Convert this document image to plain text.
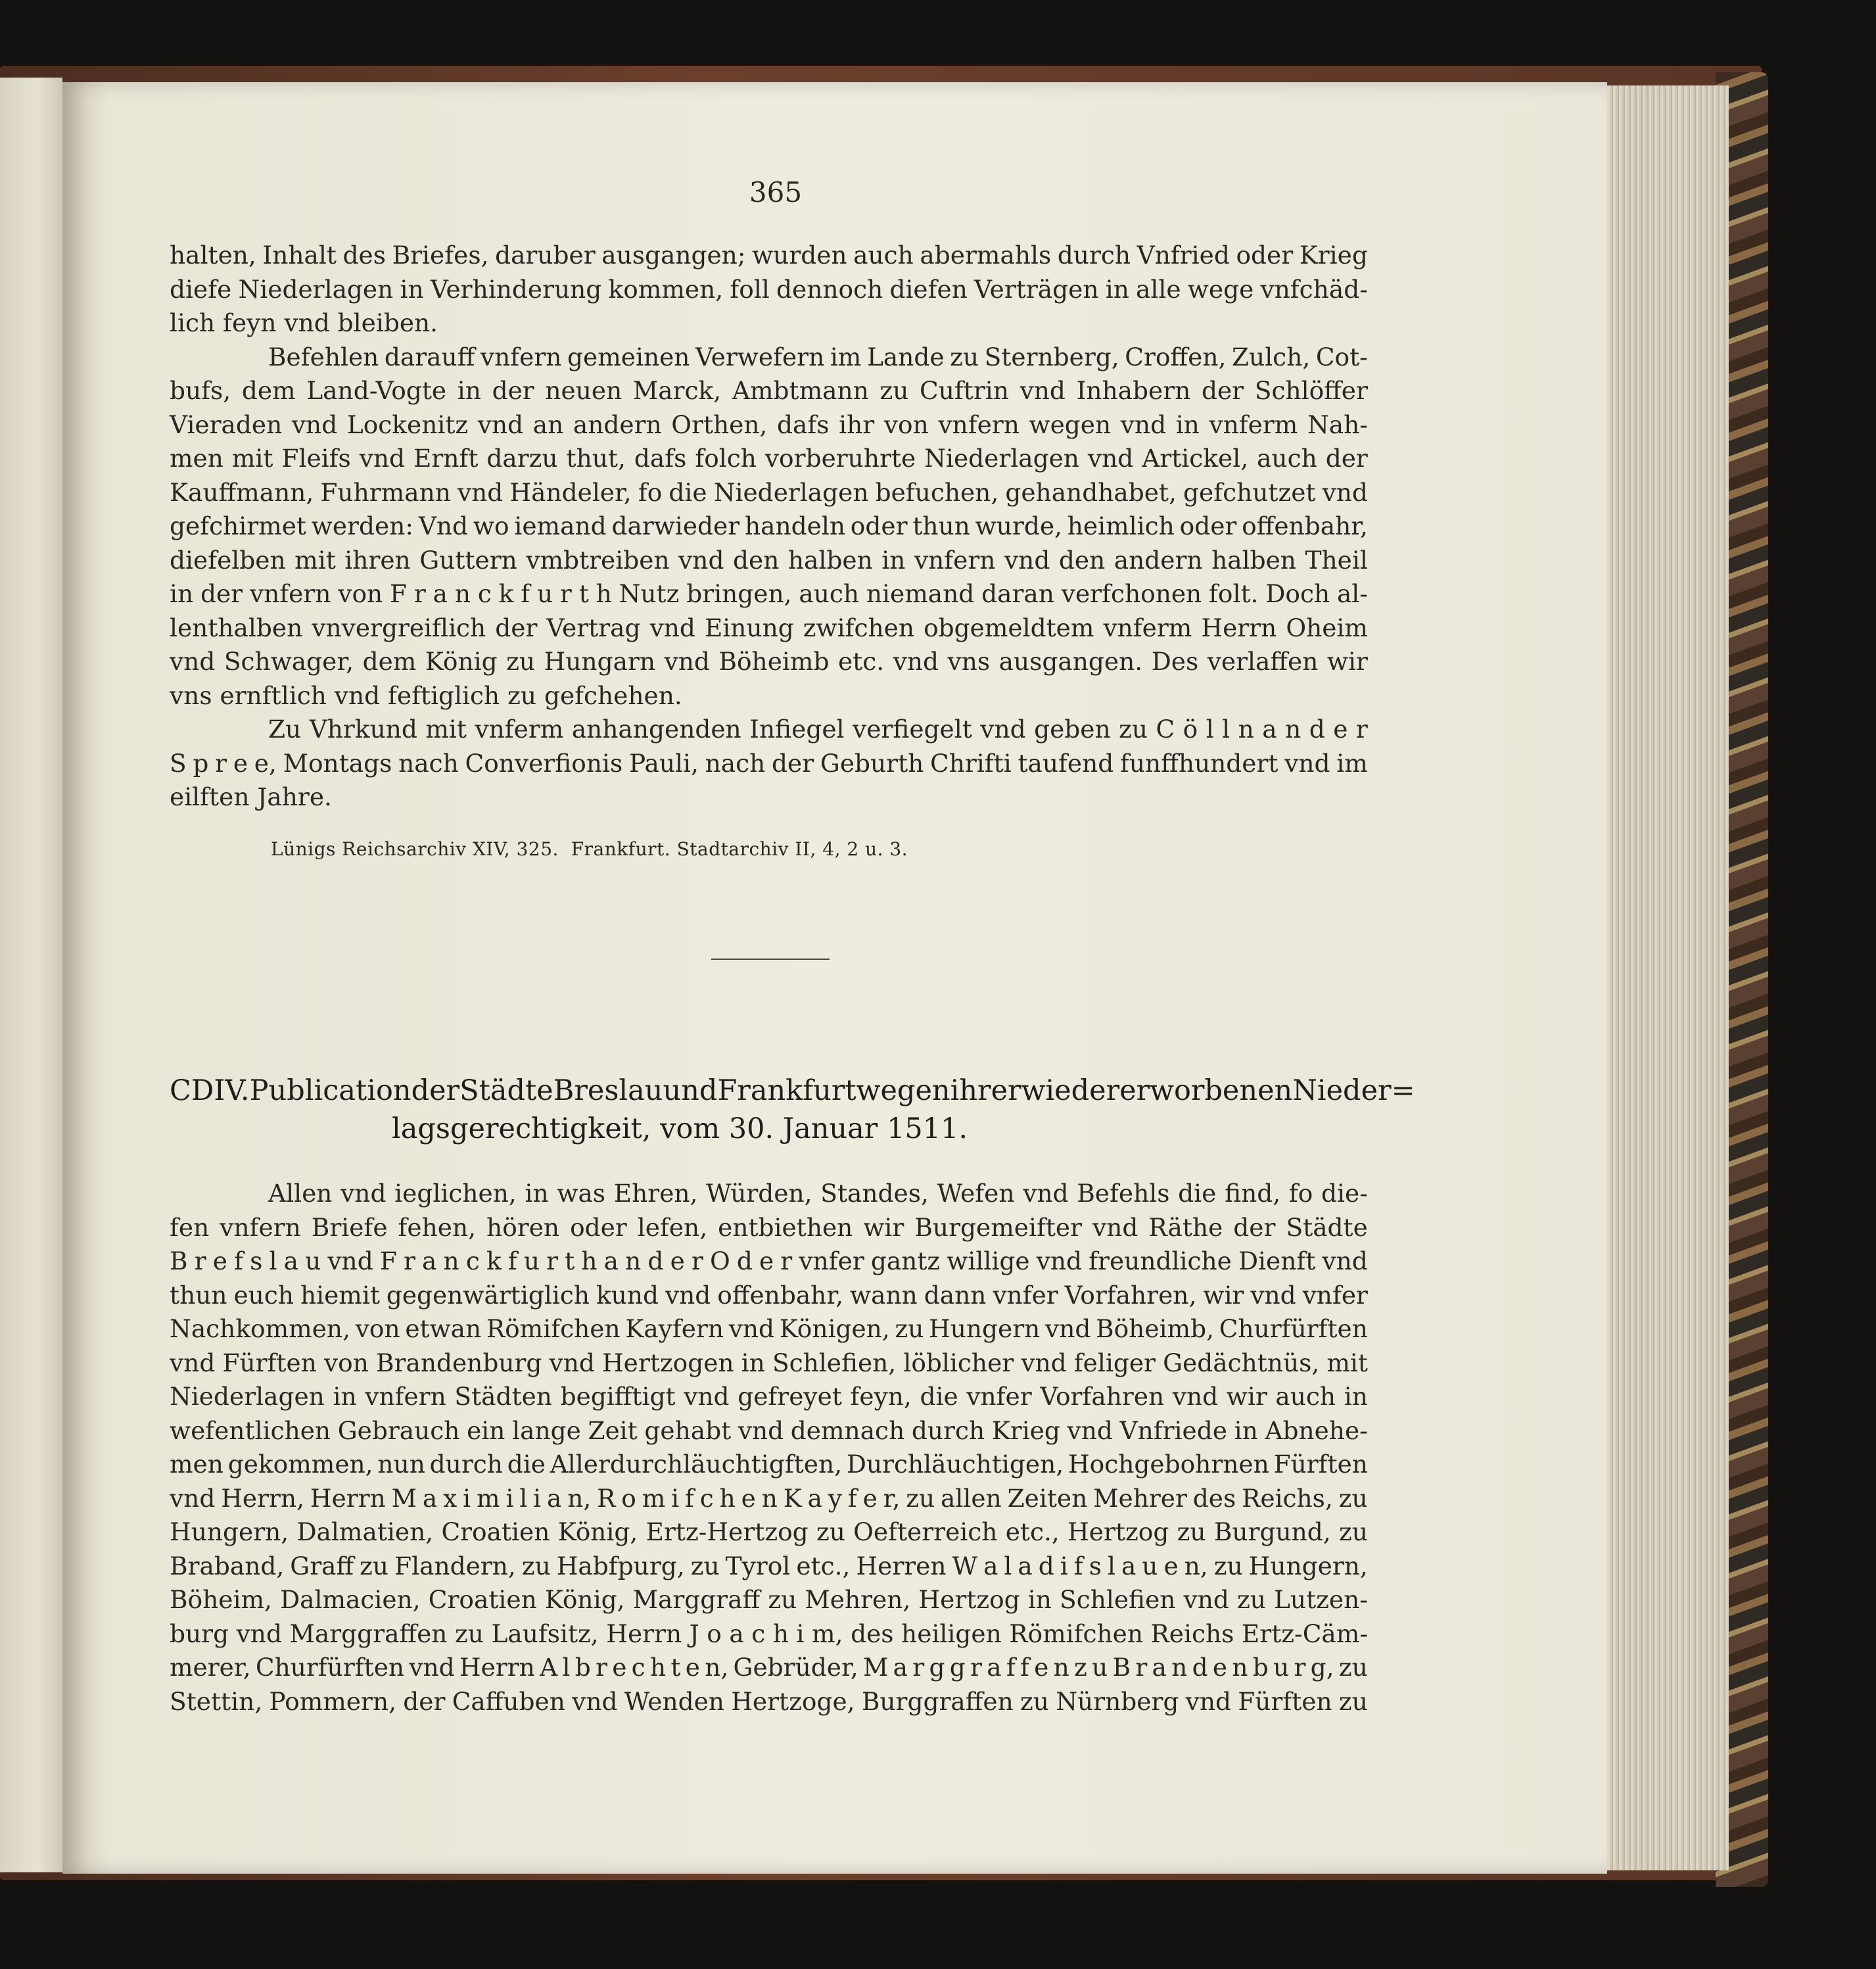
365
halten, Inhalt des Briefes, daruber ausgangen; wurden auch abermahls durch Vnfried oder Krieg
diefe Niederlagen in Verhinderung kommen, foll dennoch diefen Verträgen in alle wege vnfchäd-
lich feyn vnd bleiben.
Befehlen darauff vnfern gemeinen Verwefern im Lande zu Sternberg, Croffen, Zulch, Cot-
bufs, dem Land-Vogte in der neuen Marck, Ambtmann zu Cuftrin vnd Inhabern der Schlöffer
Vieraden vnd Lockenitz vnd an andern Orthen, dafs ihr von vnfern wegen vnd in vnferm Nah-
men mit Fleifs vnd Ernft darzu thut, dafs folch vorberuhrte Niederlagen vnd Artickel, auch der
Kauffmann, Fuhrmann vnd Händeler, fo die Niederlagen befuchen, gehandhabet, gefchutzet vnd
gefchirmet werden: Vnd wo iemand darwieder handeln oder thun wurde, heimlich oder offenbahr,
diefelben mit ihren Guttern vmbtreiben vnd den halben in vnfern vnd den andern halben Theil
in der vnfern von F r a n c k f u r t h Nutz bringen, auch niemand daran verfchonen folt. Doch al-
lenthalben vnvergreiflich der Vertrag vnd Einung zwifchen obgemeldtem vnferm Herrn Oheim
vnd Schwager, dem König zu Hungarn vnd Böheimb etc. vnd vns ausgangen. Des verlaffen wir
vns ernftlich vnd feftiglich zu gefchehen.
Zu Vhrkund mit vnferm anhangenden Infiegel verfiegelt vnd geben zu C ö l l n a n d e r
S p r e e, Montags nach Converfionis Pauli, nach der Geburth Chrifti taufend funffhundert vnd im
eilften Jahre.
Lünigs Reichsarchiv XIV, 325.  Frankfurt. Stadtarchiv II, 4, 2 u. 3.
CDIV. Publication der Städte Breslau und Frankfurt wegen ihrer wiedererworbenen Nieder=
lagsgerechtigkeit, vom 30. Januar 1511.
Allen vnd ieglichen, in was Ehren, Würden, Standes, Wefen vnd Befehls die find, fo die-
fen vnfern Briefe fehen, hören oder lefen, entbiethen wir Burgemeifter vnd Räthe der Städte
B r e f s l a u vnd F r a n c k f u r t h a n d e r O d e r vnfer gantz willige vnd freundliche Dienft vnd
thun euch hiemit gegenwärtiglich kund vnd offenbahr, wann dann vnfer Vorfahren, wir vnd vnfer
Nachkommen, von etwan Römifchen Kayfern vnd Königen, zu Hungern vnd Böheimb, Churfürften
vnd Fürften von Brandenburg vnd Hertzogen in Schlefien, löblicher vnd feliger Gedächtnüs, mit
Niederlagen in vnfern Städten begifftigt vnd gefreyet feyn, die vnfer Vorfahren vnd wir auch in
wefentlichen Gebrauch ein lange Zeit gehabt vnd demnach durch Krieg vnd Vnfriede in Abnehe-
men gekommen, nun durch die Allerdurchläuchtigften, Durchläuchtigen, Hochgebohrnen Fürften
vnd Herrn, Herrn M a x i m i l i a n, R o m i f c h e n K a y f e r, zu allen Zeiten Mehrer des Reichs, zu
Hungern, Dalmatien, Croatien König, Ertz-Hertzog zu Oefterreich etc., Hertzog zu Burgund, zu
Braband, Graff zu Flandern, zu Habfpurg, zu Tyrol etc., Herren W a l a d i f s l a u e n, zu Hungern,
Böheim, Dalmacien, Croatien König, Marggraff zu Mehren, Hertzog in Schlefien vnd zu Lutzen-
burg vnd Marggraffen zu Laufsitz, Herrn J o a c h i m, des heiligen Römifchen Reichs Ertz-Cäm-
merer, Churfürften vnd Herrn A l b r e c h t e n, Gebrüder, M a r g g r a f f e n z u B r a n d e n b u r g, zu
Stettin, Pommern, der Caffuben vnd Wenden Hertzoge, Burggraffen zu Nürnberg vnd Fürften zu
